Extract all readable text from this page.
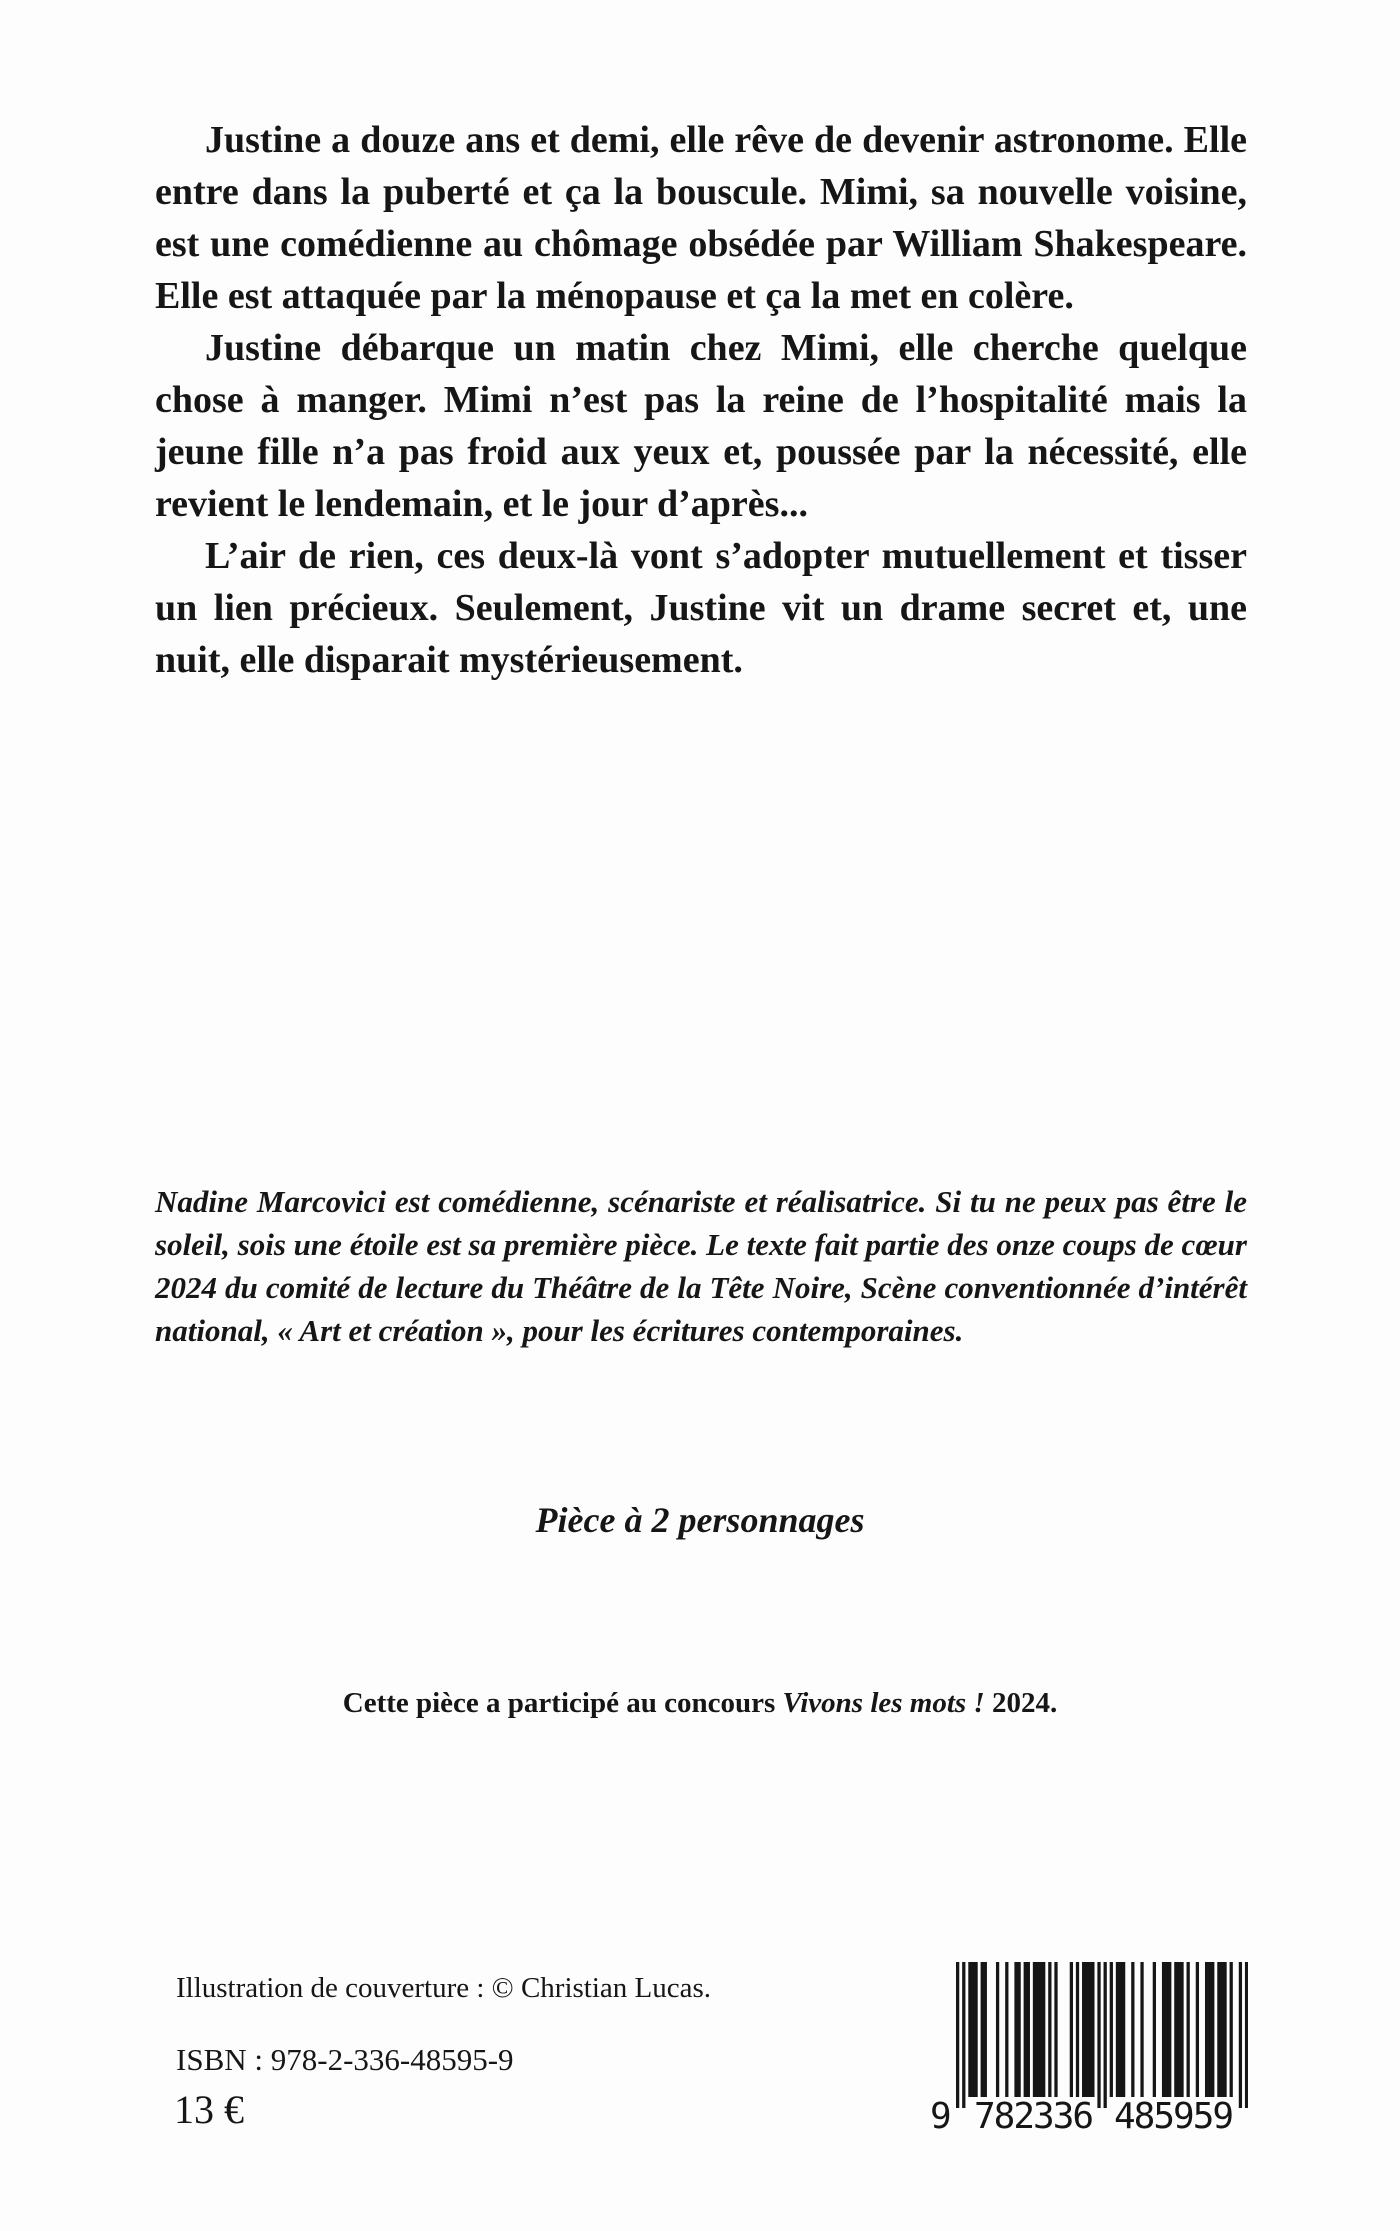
Justine a douze ans et demi, elle rêve de devenir astronome. Elle entre dans la puberté et ça la bouscule. Mimi, sa nouvelle voisine, est une comédienne au chômage obsédée par William Shakespeare. Elle est attaquée par la ménopause et ça la met en colère.

Justine débarque un matin chez Mimi, elle cherche quelque chose à manger. Mimi n’est pas la reine de l’hospitalité mais la jeune fille n’a pas froid aux yeux et, poussée par la nécessité, elle revient le lendemain, et le jour d’après...

L’air de rien, ces deux-là vont s’adopter mutuellement et tisser un lien précieux. Seulement, Justine vit un drame secret et, une nuit, elle disparait mystérieusement.

Nadine Marcovici est comédienne, scénariste et réalisatrice. Si tu ne peux pas être le soleil, sois une étoile est sa première pièce. Le texte fait partie des onze coups de cœur 2024 du comité de lecture du Théâtre de la Tête Noire, Scène conventionnée d’intérêt national, « Art et création », pour les écritures contemporaines.

Pièce à 2 personnages

Cette pièce a participé au concours Vivons les mots ! 2024.

Illustration de couverture : © Christian Lucas.

ISBN : 978-2-336-48595-9

13 €	9 782336 485959
